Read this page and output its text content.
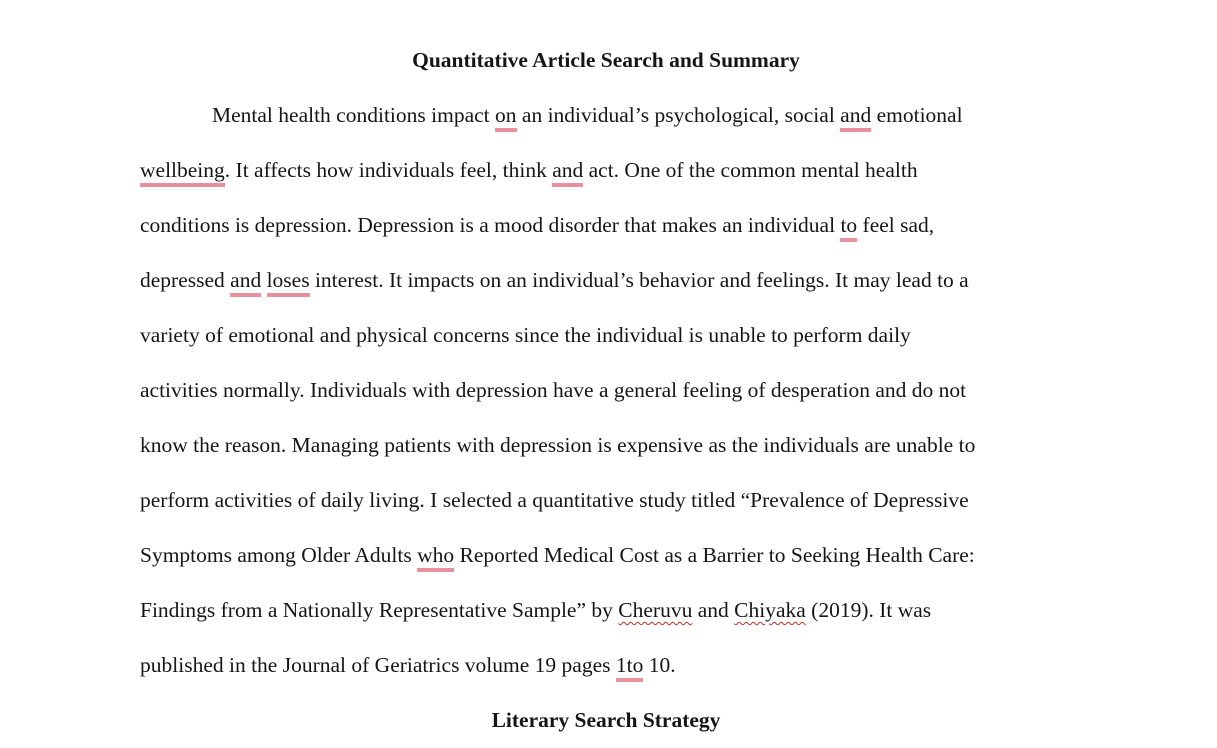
Quantitative Article Search and Summary
Mental health conditions impact on an individual’s psychological, social and emotional
wellbeing. It affects how individuals feel, think and act. One of the common mental health
conditions is depression. Depression is a mood disorder that makes an individual to feel sad,
depressed and loses interest. It impacts on an individual’s behavior and feelings. It may lead to a
variety of emotional and physical concerns since the individual is unable to perform daily
activities normally. Individuals with depression have a general feeling of desperation and do not
know the reason. Managing patients with depression is expensive as the individuals are unable to
perform activities of daily living. I selected a quantitative study titled “Prevalence of Depressive
Symptoms among Older Adults who Reported Medical Cost as a Barrier to Seeking Health Care:
Findings from a Nationally Representative Sample” by Cheruvu and Chiyaka (2019). It was
published in the Journal of Geriatrics volume 19 pages 1to 10.
Literary Search Strategy
